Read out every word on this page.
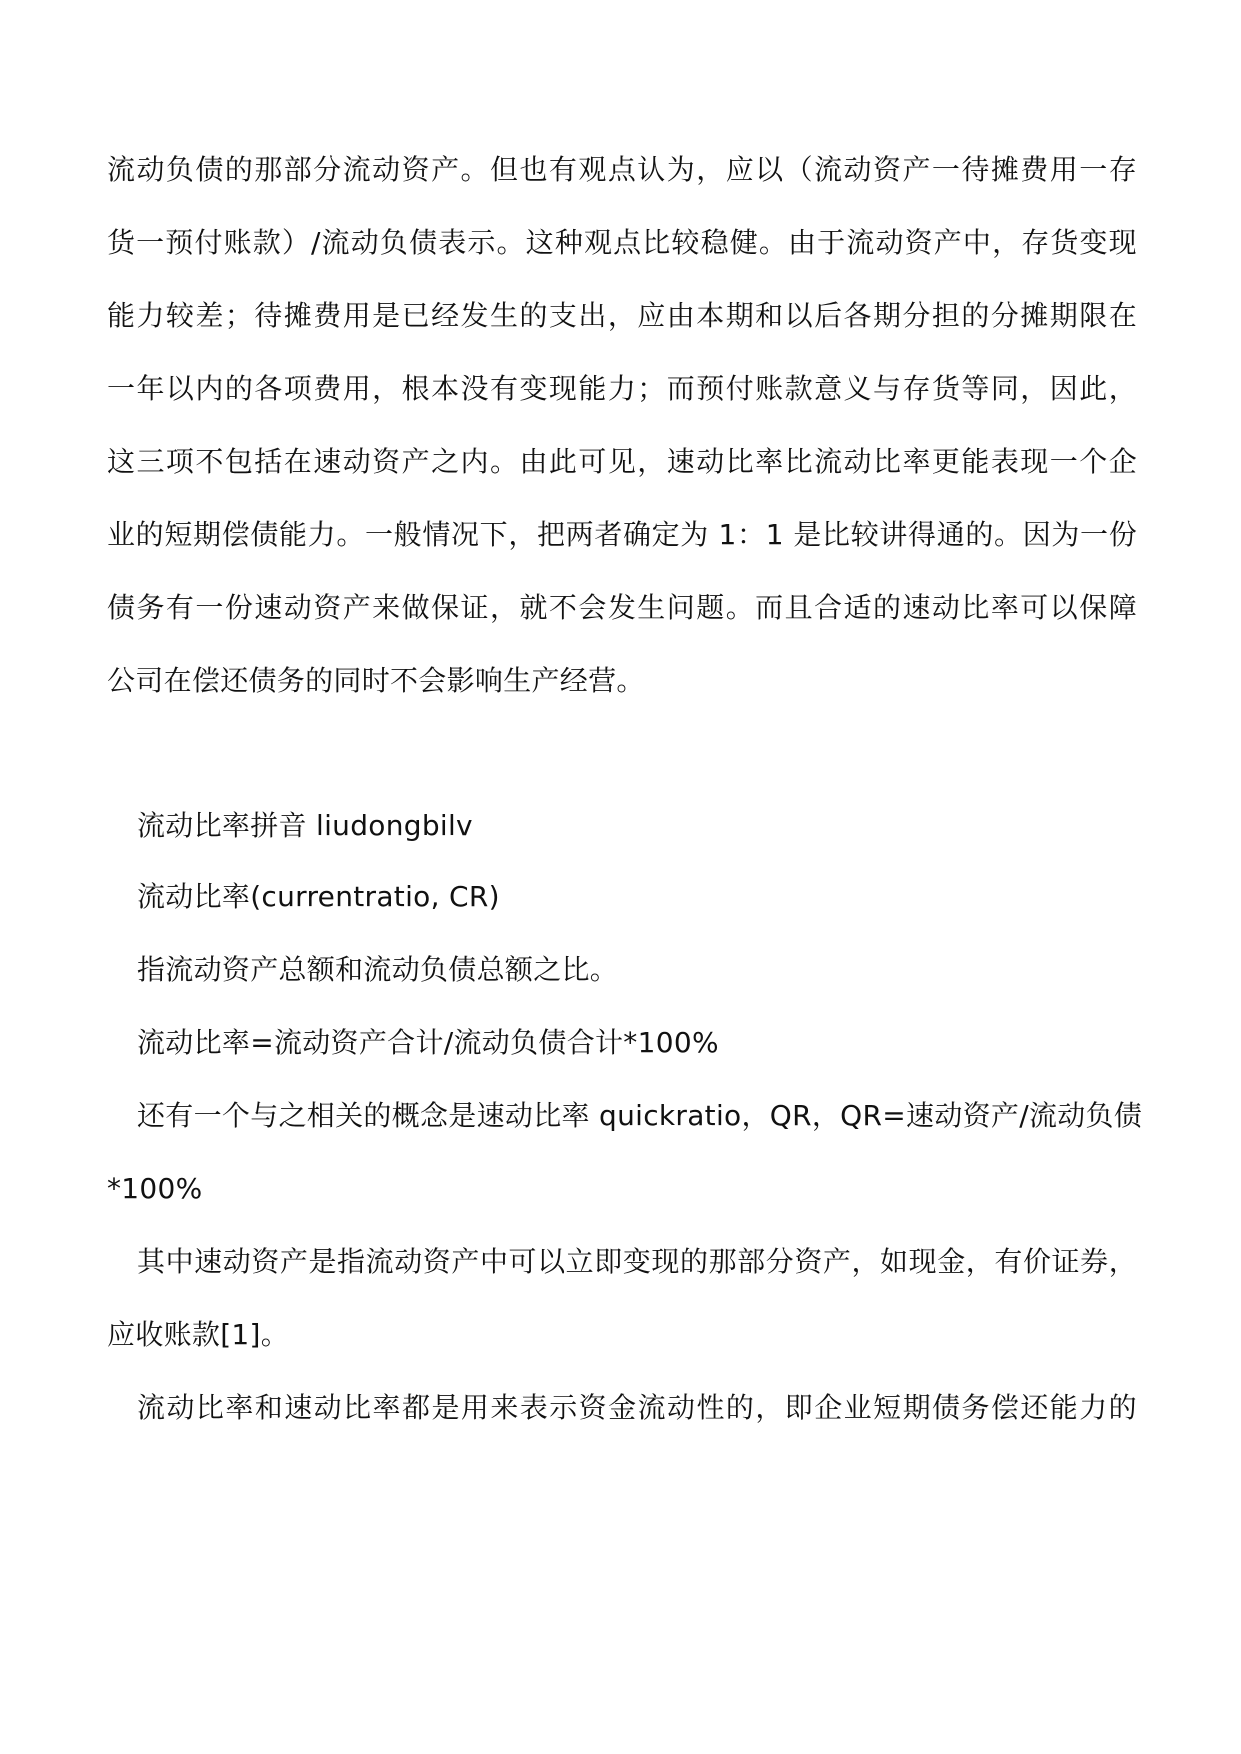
流动负债的那部分流动资产。但也有观点认为，应以（流动资产一待摊费用一存
货一预付账款）/流动负债表示。这种观点比较稳健。由于流动资产中，存货变现
能力较差；待摊费用是已经发生的支出，应由本期和以后各期分担的分摊期限在
一年以内的各项费用，根本没有变现能力；而预付账款意义与存货等同，因此，
这三项不包括在速动资产之内。由此可见，速动比率比流动比率更能表现一个企
业的短期偿债能力。一般情况下，把两者确定为 1：1 是比较讲得通的。因为一份
债务有一份速动资产来做保证，就不会发生问题。而且合适的速动比率可以保障
公司在偿还债务的同时不会影响生产经营。
流动比率拼音 liudongbilv
流动比率(currentratio, CR)
指流动资产总额和流动负债总额之比。
流动比率=流动资产合计/流动负债合计*100%
还有一个与之相关的概念是速动比率 quickratio，QR，QR=速动资产/流动负债
*100%
其中速动资产是指流动资产中可以立即变现的那部分资产，如现金，有价证券，
应收账款[1]。
流动比率和速动比率都是用来表示资金流动性的，即企业短期债务偿还能力的
